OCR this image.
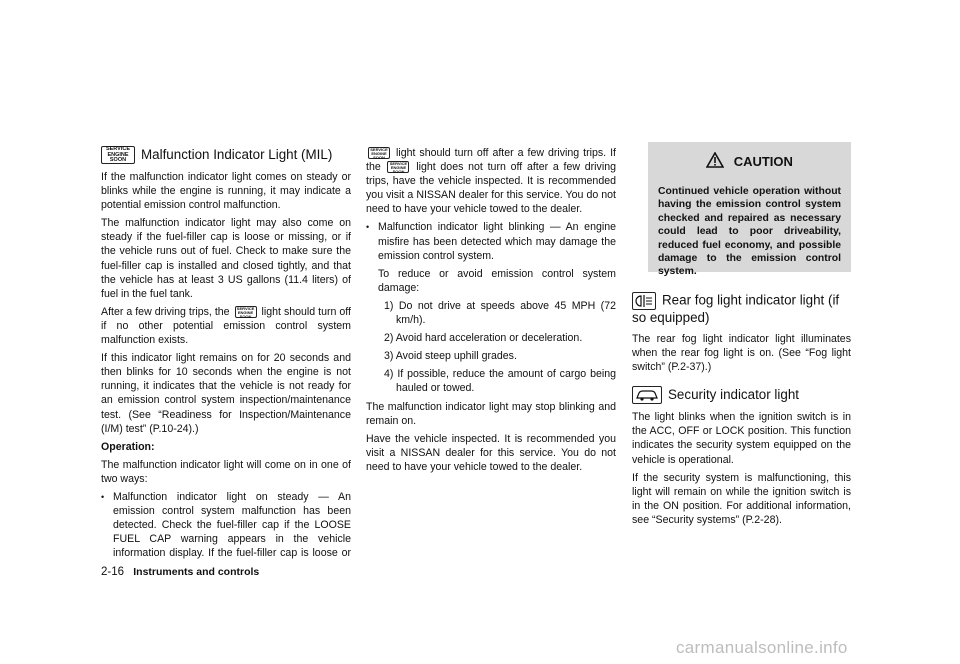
SERVICE
ENGINE
SOON	Malfunction Indicator Light (MIL)

If the malfunction indicator light comes on steady or blinks while the engine is running, it may indicate a potential emission control malfunction.

The malfunction indicator light may also come on steady if the fuel-filler cap is loose or missing, or if the vehicle runs out of fuel. Check to make sure the fuel-filler cap is installed and closed tightly, and that the vehicle has at least 3 US gallons (11.4 liters) of fuel in the fuel tank.

After a few driving trips, the SERVICE
ENGINE
SOON light should turn off if no other potential emission control system malfunction exists.

If this indicator light remains on for 20 seconds and then blinks for 10 seconds when the engine is not running, it indicates that the vehicle is not ready for an emission control system inspection/maintenance test. (See “Readiness for Inspection/Maintenance (I/M) test” (P.10-24).)

Operation:

The malfunction indicator light will come on in one of two ways:

• Malfunction indicator light on steady — An emission control system malfunction has been detected. Check the fuel-filler cap if the LOOSE FUEL CAP warning appears in the vehicle information display. If the fuel-filler cap is loose or

SERVICE
ENGINE
SOON light should turn off after a few driving trips. If the SERVICE
ENGINE
SOON light does not turn off after a few driving trips, have the vehicle inspected. It is recommended you visit a NISSAN dealer for this service. You do not need to have your vehicle towed to the dealer.

• Malfunction indicator light blinking — An engine misfire has been detected which may damage the emission control system.

To reduce or avoid emission control system damage:

1) Do not drive at speeds above 45 MPH (72 km/h).

2) Avoid hard acceleration or deceleration.

3) Avoid steep uphill grades.

4) If possible, reduce the amount of cargo being hauled or towed.

The malfunction indicator light may stop blinking and remain on.

Have the vehicle inspected. It is recommended you visit a NISSAN dealer for this service. You do not need to have your vehicle towed to the dealer.

CAUTION
Continued vehicle operation without having the emission control system checked and repaired as necessary could lead to poor driveability, reduced fuel economy, and possible damage to the emission control system.
Rear fog light indicator light (if so equipped)

The rear fog light indicator light illuminates when the rear fog light is on. (See “Fog light switch” (P.2-37).)

Security indicator light

The light blinks when the ignition switch is in the ACC, OFF or LOCK position. This function indicates the security system equipped on the vehicle is operational.

If the security system is malfunctioning, this light will remain on while the ignition switch is in the ON position. For additional information, see “Security systems” (P.2-28).

2-16 Instruments and controls
carmanualsonline.info
